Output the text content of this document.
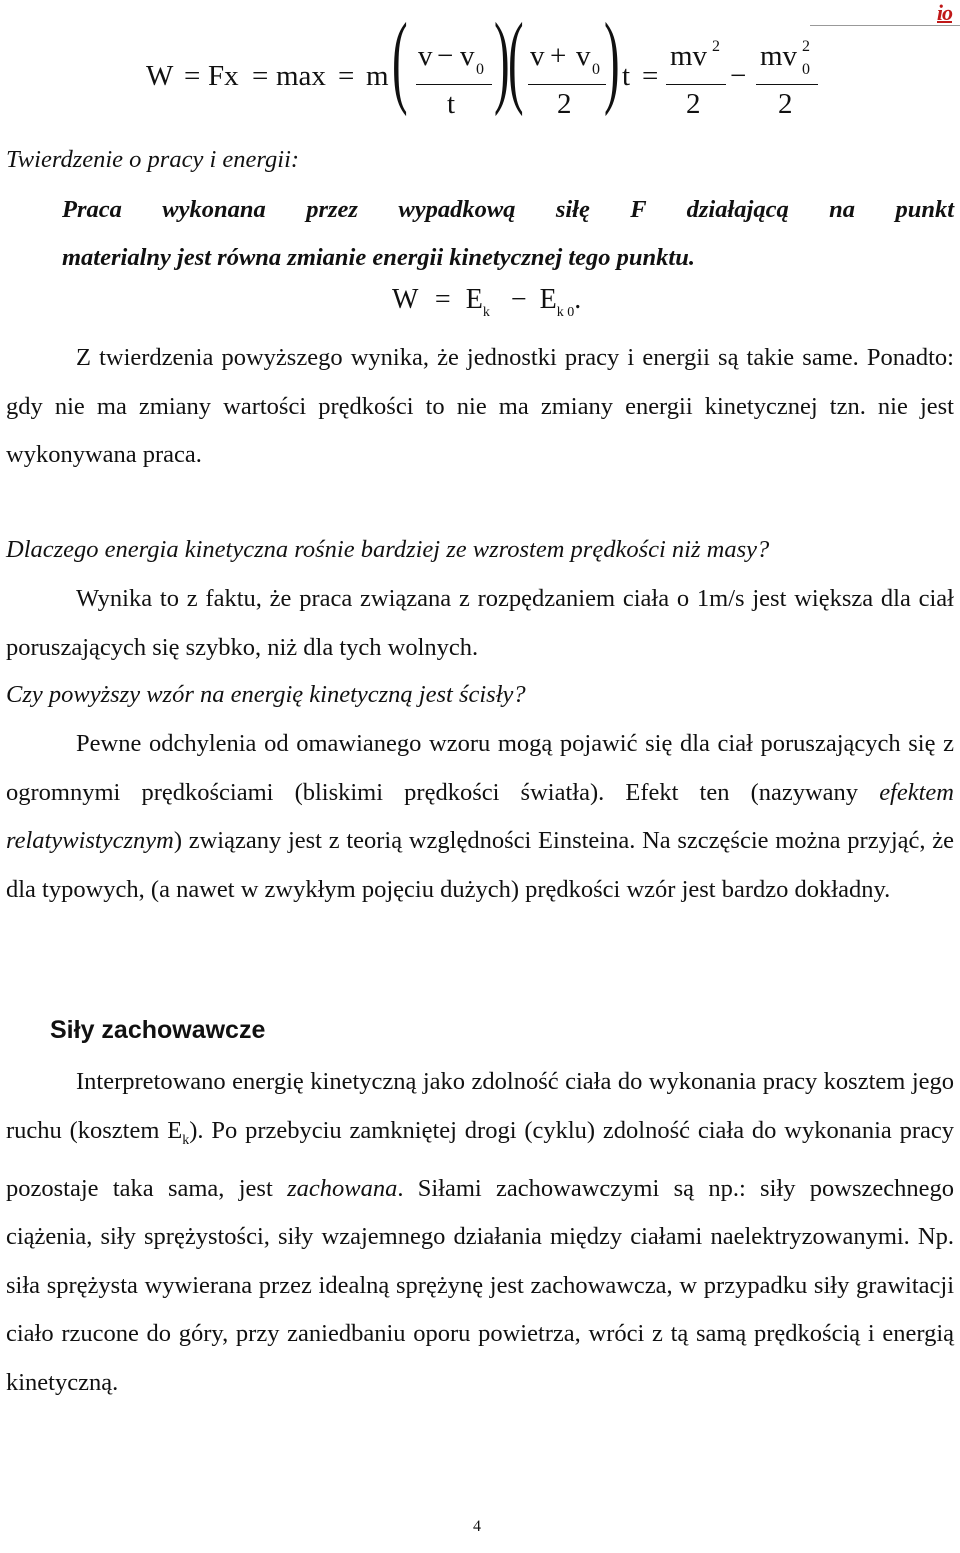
io
W = Fx = max = m ( v − v 0
t )
( v + v 0
2 ) t =
mv 2
2
−
mv 2
0
2

Twierdzenie o pracy i energii:

Praca wykonana przez wypadkową siłę F działającą na punkt

materialny jest równa zmianie energii kinetycznej tego punktu.

$W = E_k - E_{k 0}$.

Z twierdzenia powyższego wynika, że jednostki pracy i energii są takie same. Ponadto: gdy nie ma zmiany wartości prędkości to nie ma zmiany energii kinetycznej tzn. nie jest wykonywana praca.

Dlaczego energia kinetyczna rośnie bardziej ze wzrostem prędkości niż masy?

Wynika to z faktu, że praca związana z rozpędzaniem ciała o 1m/s jest większa dla ciał poruszających się szybko, niż dla tych wolnych.

Czy powyższy wzór na energię kinetyczną jest ścisły?

Pewne odchylenia od omawianego wzoru mogą pojawić się dla ciał poruszających się z ogromnymi prędkościami (bliskimi prędkości światła). Efekt ten (nazywany efektem relatywistycznym) związany jest z teorią względności Einsteina. Na szczęście można przyjąć, że dla typowych, (a nawet w zwykłym pojęciu dużych) prędkości wzór jest bardzo dokładny.

Siły zachowawcze

Interpretowano energię kinetyczną jako zdolność ciała do wykonania pracy kosztem jego ruchu (kosztem $E_k$). Po przebyciu zamkniętej drogi (cyklu) zdolność ciała do wykonania pracy pozostaje taka sama, jest zachowana. Siłami zachowawczymi są np.: siły powszechnego ciążenia, siły sprężystości, siły wzajemnego działania między ciałami naelektryzowanymi. Np. siła sprężysta wywierana przez idealną sprężynę jest zachowawcza, w przypadku siły grawitacji ciało rzucone do góry, przy zaniedbaniu oporu powietrza, wróci z tą samą prędkością i energią kinetyczną.

4
